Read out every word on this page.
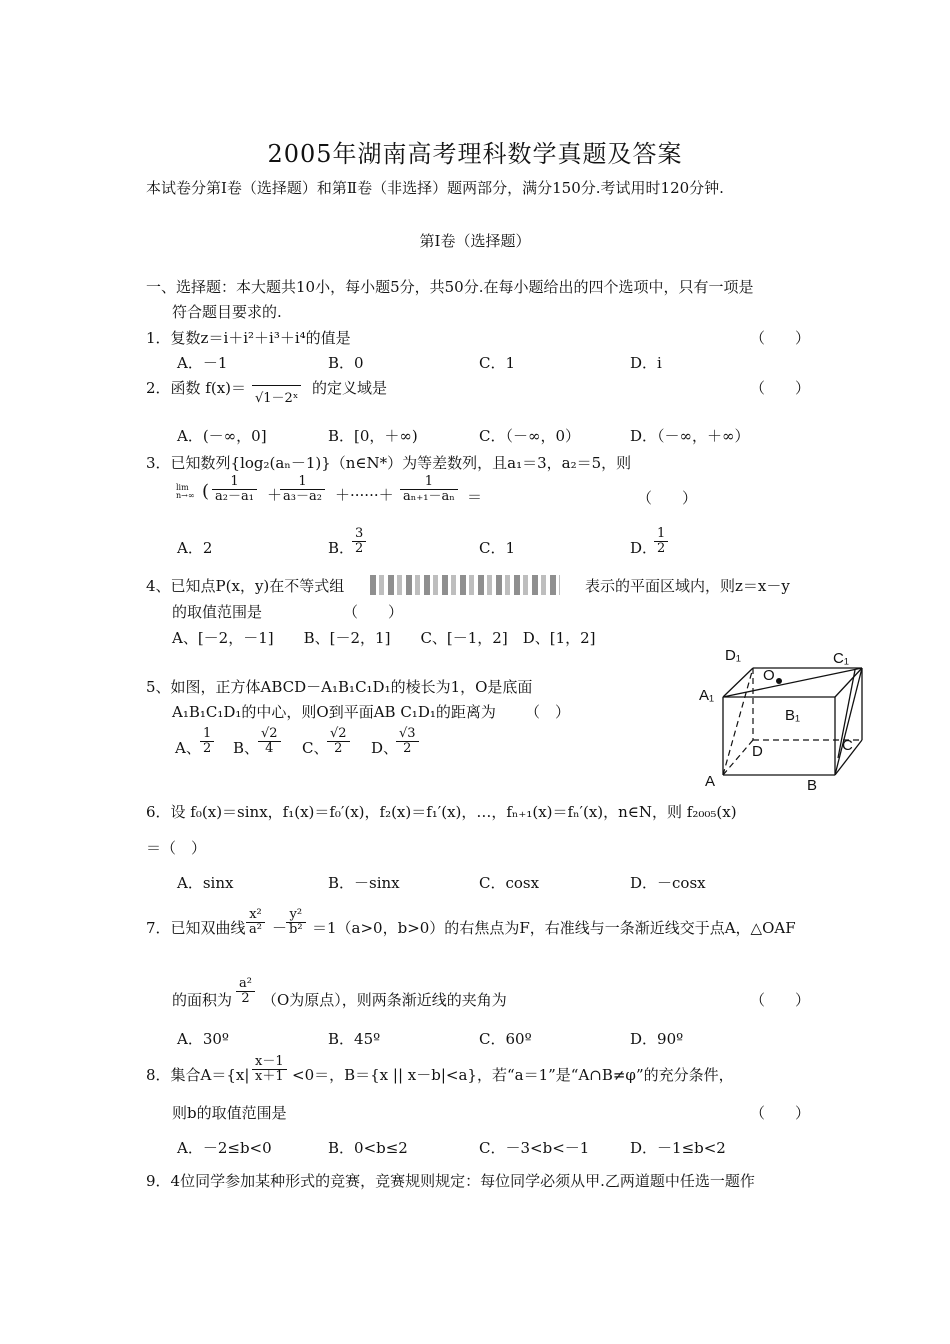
2005年湖南高考理科数学真题及答案
本试卷分第Ⅰ卷（选择题）和第Ⅱ卷（非选择）题两部分，满分150分.考试用时120分钟.
第Ⅰ卷（选择题）
一、选择题：本大题共10小，每小题5分，共50分.在每小题给出的四个选项中，只有一项是
符合题目要求的.
1．复数z＝i＋i²＋i³＋i⁴的值是	（　　）
A．－1	B．0	C．1	D．i
2．函数 f(x)＝
√1－2ˣ
的定义域是	（　　）
A．(－∞，0]	B．[0，＋∞)	C．（－∞，0）	D．（－∞，＋∞）
3．已知数列{log₂(aₙ－1)}（n∈N*）为等差数列，且a₁＝3，a₂＝5，则
lim n→∞ ( $\frac{1}{\text{a₂－a₁}}$ ＋
$\frac{1}{\text{a₃－a₂}}$ ＋······＋ $\frac{1}{\text{aₙ₊₁－aₙ}}$ ＝	（　　）
A．2	B．
$\frac{3}{2}$	C．1	D．
$\frac{1}{2}$
4、已知点P(x，y)在不等式组	表示的平面区域内，则z＝x－y
的取值范围是	（　　）
A、[－2，－1]　　B、[－2，1]　　C、[－1，2]　D、[1，2]
D₁	C₁
O
A₁
B₁
D	C
A	B
5、如图，正方体ABCD－A₁B₁C₁D₁的棱长为1，O是底面
A₁B₁C₁D₁的中心，则O到平面AB C₁D₁的距离为 （　）
A、 $\frac{1}{2}$ B、
$\frac{√2}{4}$ C、
$\frac{√2}{2}$ D、
$\frac{√3}{2}$
6．设 f₀(x)＝sinx，f₁(x)＝f₀′(x)，f₂(x)＝f₁′(x)，…，fₙ₊₁(x)＝fₙ′(x)，n∈N，则 f₂₀₀₅(x)
＝（　）
A．sinx	B．－sinx	C．cosx	D．－cosx
7．已知双曲线 $\frac{\text{x²}}{\text{a²}}$ －
$\frac{\text{y²}}{\text{b²}} =1(a>0$，b>0）的右焦点为F，右准线与一条渐近线交于点A，△OAF
的面积为 $\frac{\text{a²}}{2} (O$为原点），则两条渐近线的夹角为	（　　）
A．30º	B．45º	C．60º	D．90º
8．集合$A=\{x| \frac{x-1}{x+1} <0=$，B＝{x || x－b|<a}，若“a＝1”是“A∩B≠φ”的充分条件，
则b的取值范围是	（　　）
A．－2≤b<0	B．0<b≤2	C．－3<b<－1	D．－1≤b<2
9．4位同学参加某种形式的竞赛，竞赛规则规定：每位同学必须从甲.乙两道题中任选一题作
